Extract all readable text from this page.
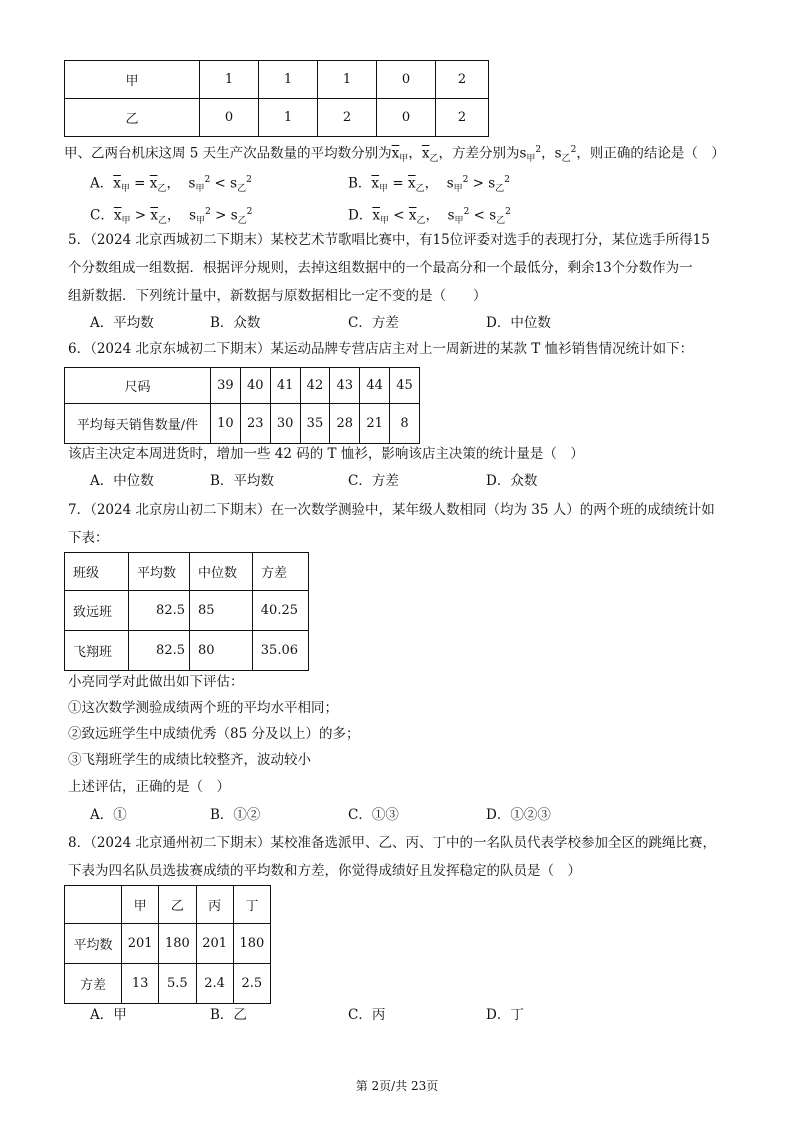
甲	1	1	1	0	2
乙	0	1	2	0	2
甲、乙两台机床这周 5 天生产次品数量的平均数分别为$\overline{x}_甲$，$\overline{x}_乙$，方差分别为$s_甲^2$，$s_乙^2$，则正确的结论是（　）
A．$\overline{x}_甲 = \overline{x}_乙$， $s_甲^2 < s_乙^2$	B．$\overline{x}_甲 = \overline{x}_乙$， $s_甲^2 > s_乙^2$
C．$\overline{x}_甲 > \overline{x}_乙$， $s_甲^2 > s_乙^2$	D．$\overline{x}_甲 < \overline{x}_乙$， $s_甲^2 < s_乙^2$
5．（2024 北京西城初二下期末）某校艺术节歌唱比赛中，有15位评委对选手的表现打分，某位选手所得15
个分数组成一组数据．根据评分规则，去掉这组数据中的一个最高分和一个最低分，剩余13个分数作为一
组新数据．下列统计量中，新数据与原数据相比一定不变的是（　　）
A．平均数	B．众数	C．方差	D．中位数
6．（2024 北京东城初二下期末）某运动品牌专营店店主对上一周新进的某款 T 恤衫销售情况统计如下：
尺码	39	40	41	42	43	44	45
平均每天销售数量/件	10	23	30	35	28	21	8
该店主决定本周进货时，增加一些 42 码的 T 恤衫，影响该店主决策的统计量是（　）
A．中位数	B．平均数	C．方差	D．众数
7．（2024 北京房山初二下期末）在一次数学测验中，某年级人数相同（均为 35 人）的两个班的成绩统计如
下表：
班级	平均数	中位数	方差
致远班	82.5	85	40.25
飞翔班	82.5	80	35.06
小亮同学对此做出如下评估：
①这次数学测验成绩两个班的平均水平相同；
②致远班学生中成绩优秀（85 分及以上）的多；
③飞翔班学生的成绩比较整齐，波动较小
上述评估，正确的是（　）
A．①	B．①②	C．①③	D．①②③
8．（2024 北京通州初二下期末）某校准备选派甲、乙、丙、丁中的一名队员代表学校参加全区的跳绳比赛，
下表为四名队员选拔赛成绩的平均数和方差，你觉得成绩好且发挥稳定的队员是（　）
	甲	乙	丙	丁
平均数	201	180	201	180
方差	13	5.5	2.4	2.5
A．甲	B．乙	C．丙	D．丁
第 2页/共 23页
